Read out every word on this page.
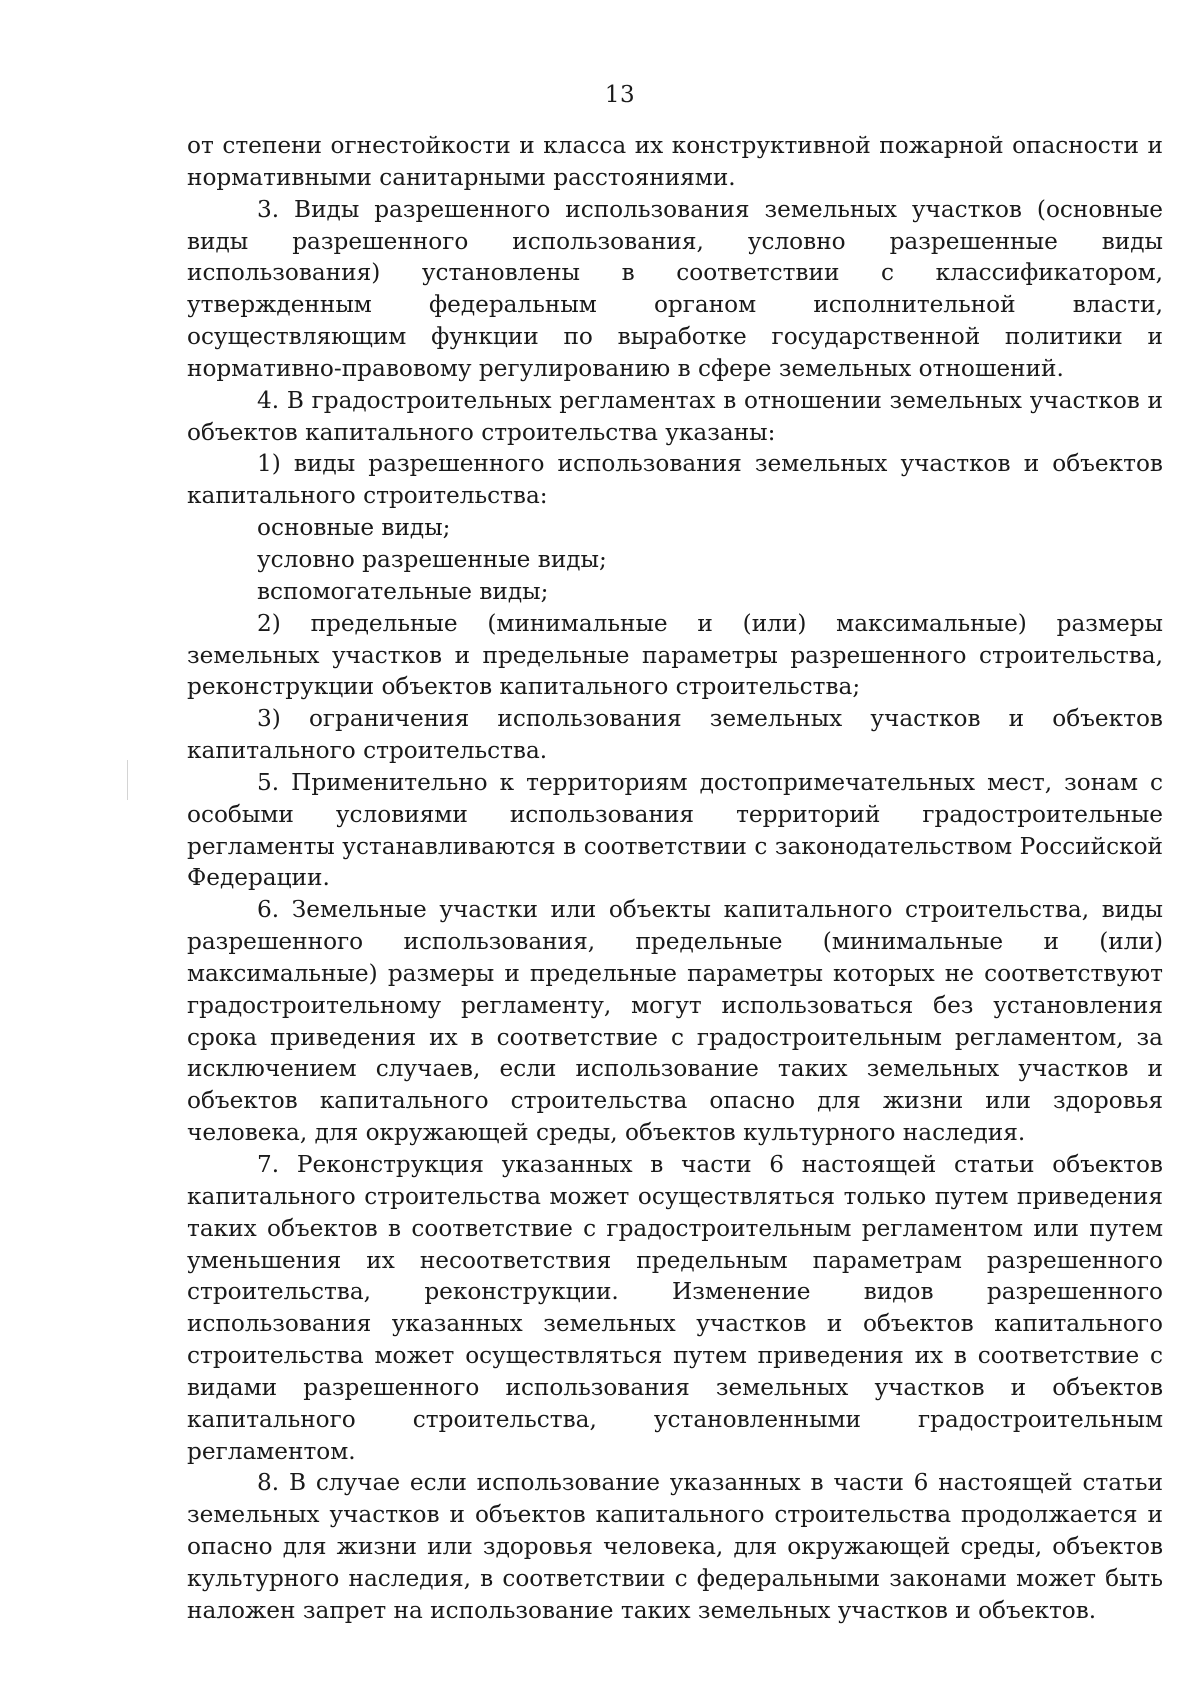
13

от степени огнестойкости и класса их конструктивной пожарной опасности и нормативными санитарными расстояниями.

3. Виды разрешенного использования земельных участков (основные виды разрешенного использования, условно разрешенные виды использования) установлены в соответствии с классификатором, утвержденным федеральным органом исполнительной власти, осуществляющим функции по выработке государственной политики и нормативно-правовому регулированию в сфере земельных отношений.

4. В градостроительных регламентах в отношении земельных участков и объектов капитального строительства указаны:

1) виды разрешенного использования земельных участков и объектов капитального строительства:

основные виды;

условно разрешенные виды;

вспомогательные виды;

2) предельные (минимальные и (или) максимальные) размеры земельных участков и предельные параметры разрешенного строительства, реконструкции объектов капитального строительства;

3) ограничения использования земельных участков и объектов капитального строительства.

5. Применительно к территориям достопримечательных мест, зонам с особыми условиями использования территорий градостроительные регламенты устанавливаются в соответствии с законодательством Российской Федерации.

6. Земельные участки или объекты капитального строительства, виды разрешенного использования, предельные (минимальные и (или) максимальные) размеры и предельные параметры которых не соответствуют градостроительному регламенту, могут использоваться без установления срока приведения их в соответствие с градостроительным регламентом, за исключением случаев, если использование таких земельных участков и объектов капитального строительства опасно для жизни или здоровья человека, для окружающей среды, объектов культурного наследия.

7. Реконструкция указанных в части 6 настоящей статьи объектов капитального строительства может осуществляться только путем приведения таких объектов в соответствие с градостроительным регламентом или путем уменьшения их несоответствия предельным параметрам разрешенного строительства, реконструкции. Изменение видов разрешенного использования указанных земельных участков и объектов капитального строительства может осуществляться путем приведения их в соответствие с видами разрешенного использования земельных участков и объектов капитального строительства, установленными градостроительным регламентом.

8. В случае если использование указанных в части 6 настоящей статьи земельных участков и объектов капитального строительства продолжается и опасно для жизни или здоровья человека, для окружающей среды, объектов культурного наследия, в соответствии с федеральными законами может быть наложен запрет на использование таких земельных участков и объектов.
